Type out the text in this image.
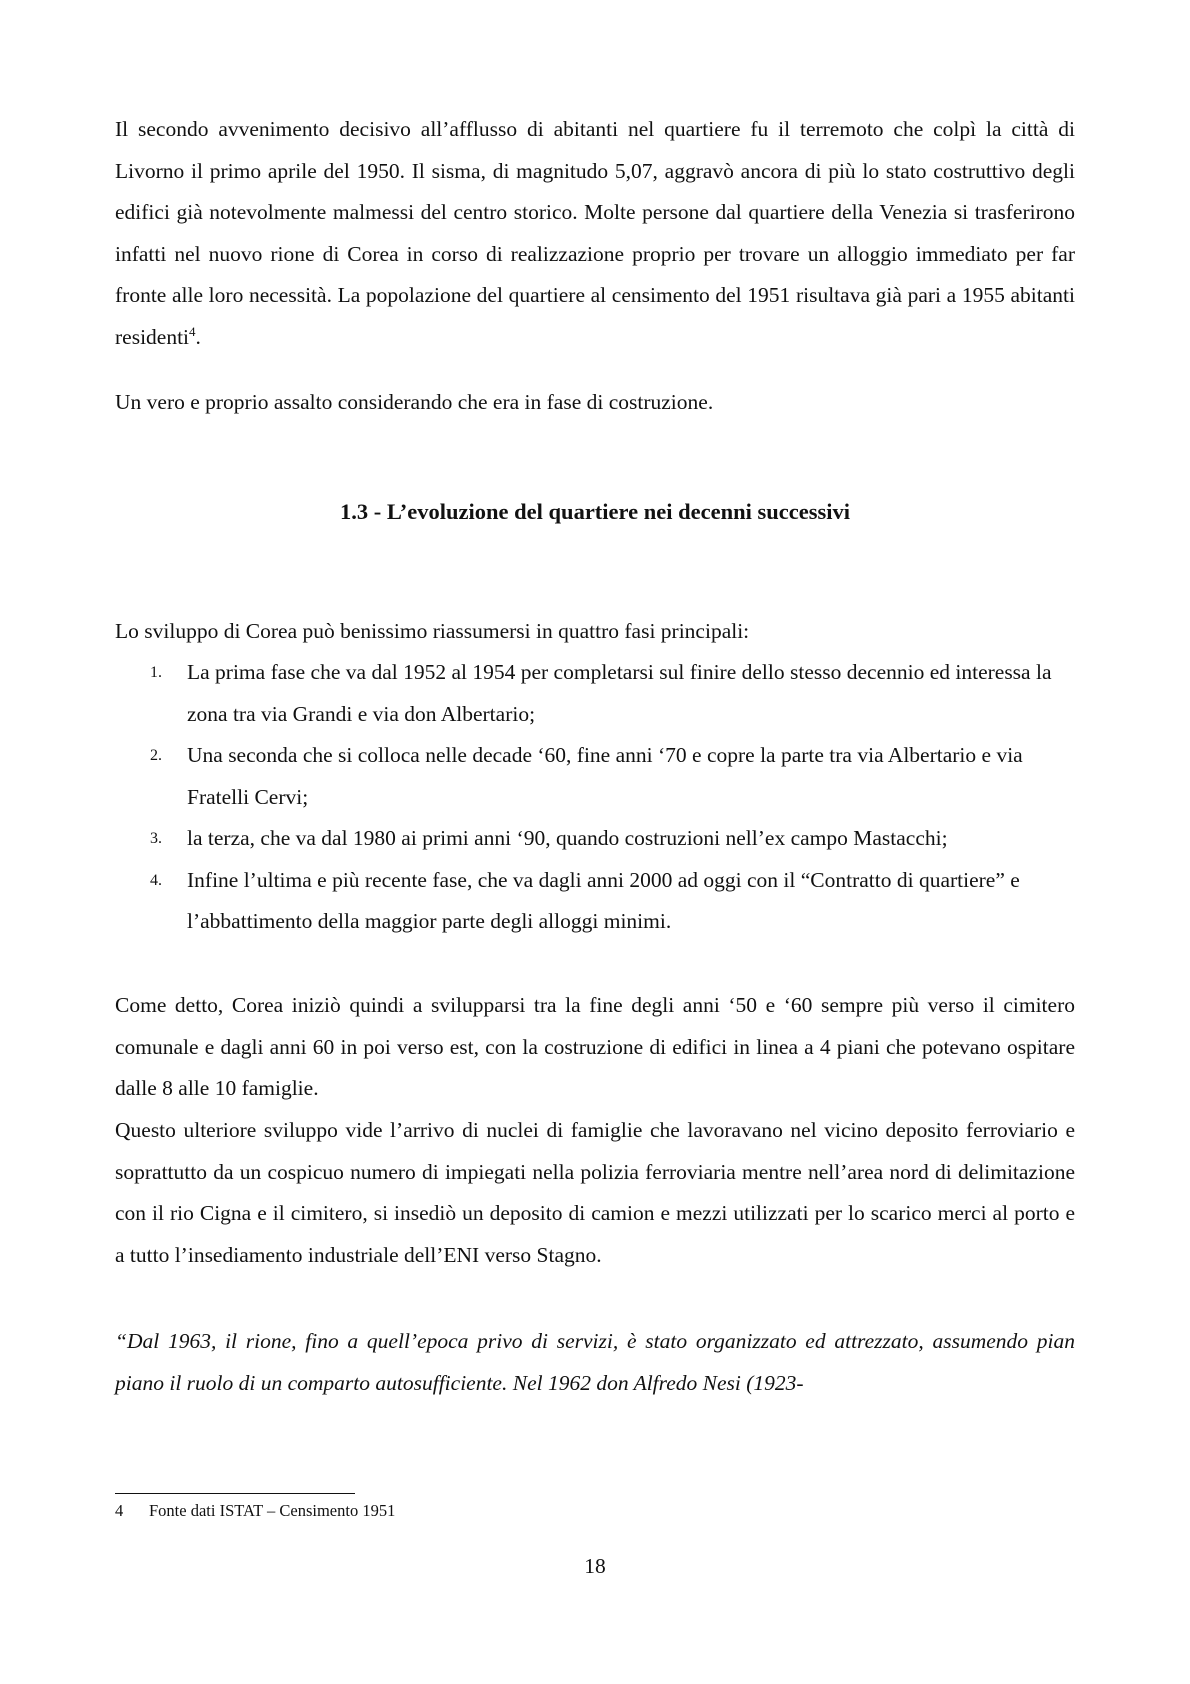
Il secondo avvenimento decisivo all’afflusso di abitanti nel quartiere fu il terremoto che colpì la città di Livorno il primo aprile del 1950. Il sisma, di magnitudo 5,07, aggravò ancora di più lo stato costruttivo degli edifici già notevolmente malmessi del centro storico. Molte persone dal quartiere della Venezia si trasferirono infatti nel nuovo rione di Corea in corso di realizzazione proprio per trovare un alloggio immediato per far fronte alle loro necessità. La popolazione del quartiere al censimento del 1951 risultava già pari a 1955 abitanti residenti$^4$.

Un vero e proprio assalto considerando che era in fase di costruzione.

1.3 - L’evoluzione del quartiere nei decenni successivi

Lo sviluppo di Corea può benissimo riassumersi in quattro fasi principali:

1. La prima fase che va dal 1952 al 1954 per completarsi sul finire dello stesso decennio ed interessa la zona tra via Grandi e via don Albertario;
2. Una seconda che si colloca nelle decade ‘60, fine anni ‘70 e copre la parte tra via Albertario e via Fratelli Cervi;
3. la terza, che va dal 1980 ai primi anni ‘90, quando costruzioni nell’ex campo Mastacchi;
4. Infine l’ultima e più recente fase, che va dagli anni 2000 ad oggi con il “Contratto di quartiere” e l’abbattimento della maggior parte degli alloggi minimi.

Come detto, Corea iniziò quindi a svilupparsi tra la fine degli anni ‘50 e ‘60 sempre più verso il cimitero comunale e dagli anni 60 in poi verso est, con la costruzione di edifici in linea a 4 piani che potevano ospitare dalle 8 alle 10 famiglie.

Questo ulteriore sviluppo vide l’arrivo di nuclei di famiglie che lavoravano nel vicino deposito ferroviario e soprattutto da un cospicuo numero di impiegati nella polizia ferroviaria mentre nell’area nord di delimitazione con il rio Cigna e il cimitero, si insediò un deposito di camion e mezzi utilizzati per lo scarico merci al porto e a tutto l’insediamento industriale dell’ENI verso Stagno.

“Dal 1963, il rione, fino a quell’epoca privo di servizi, è stato organizzato ed attrezzato, assumendo pian piano il ruolo di un comparto autosufficiente. Nel 1962 don Alfredo Nesi (1923-

4 Fonte dati ISTAT – Censimento 1951

18
